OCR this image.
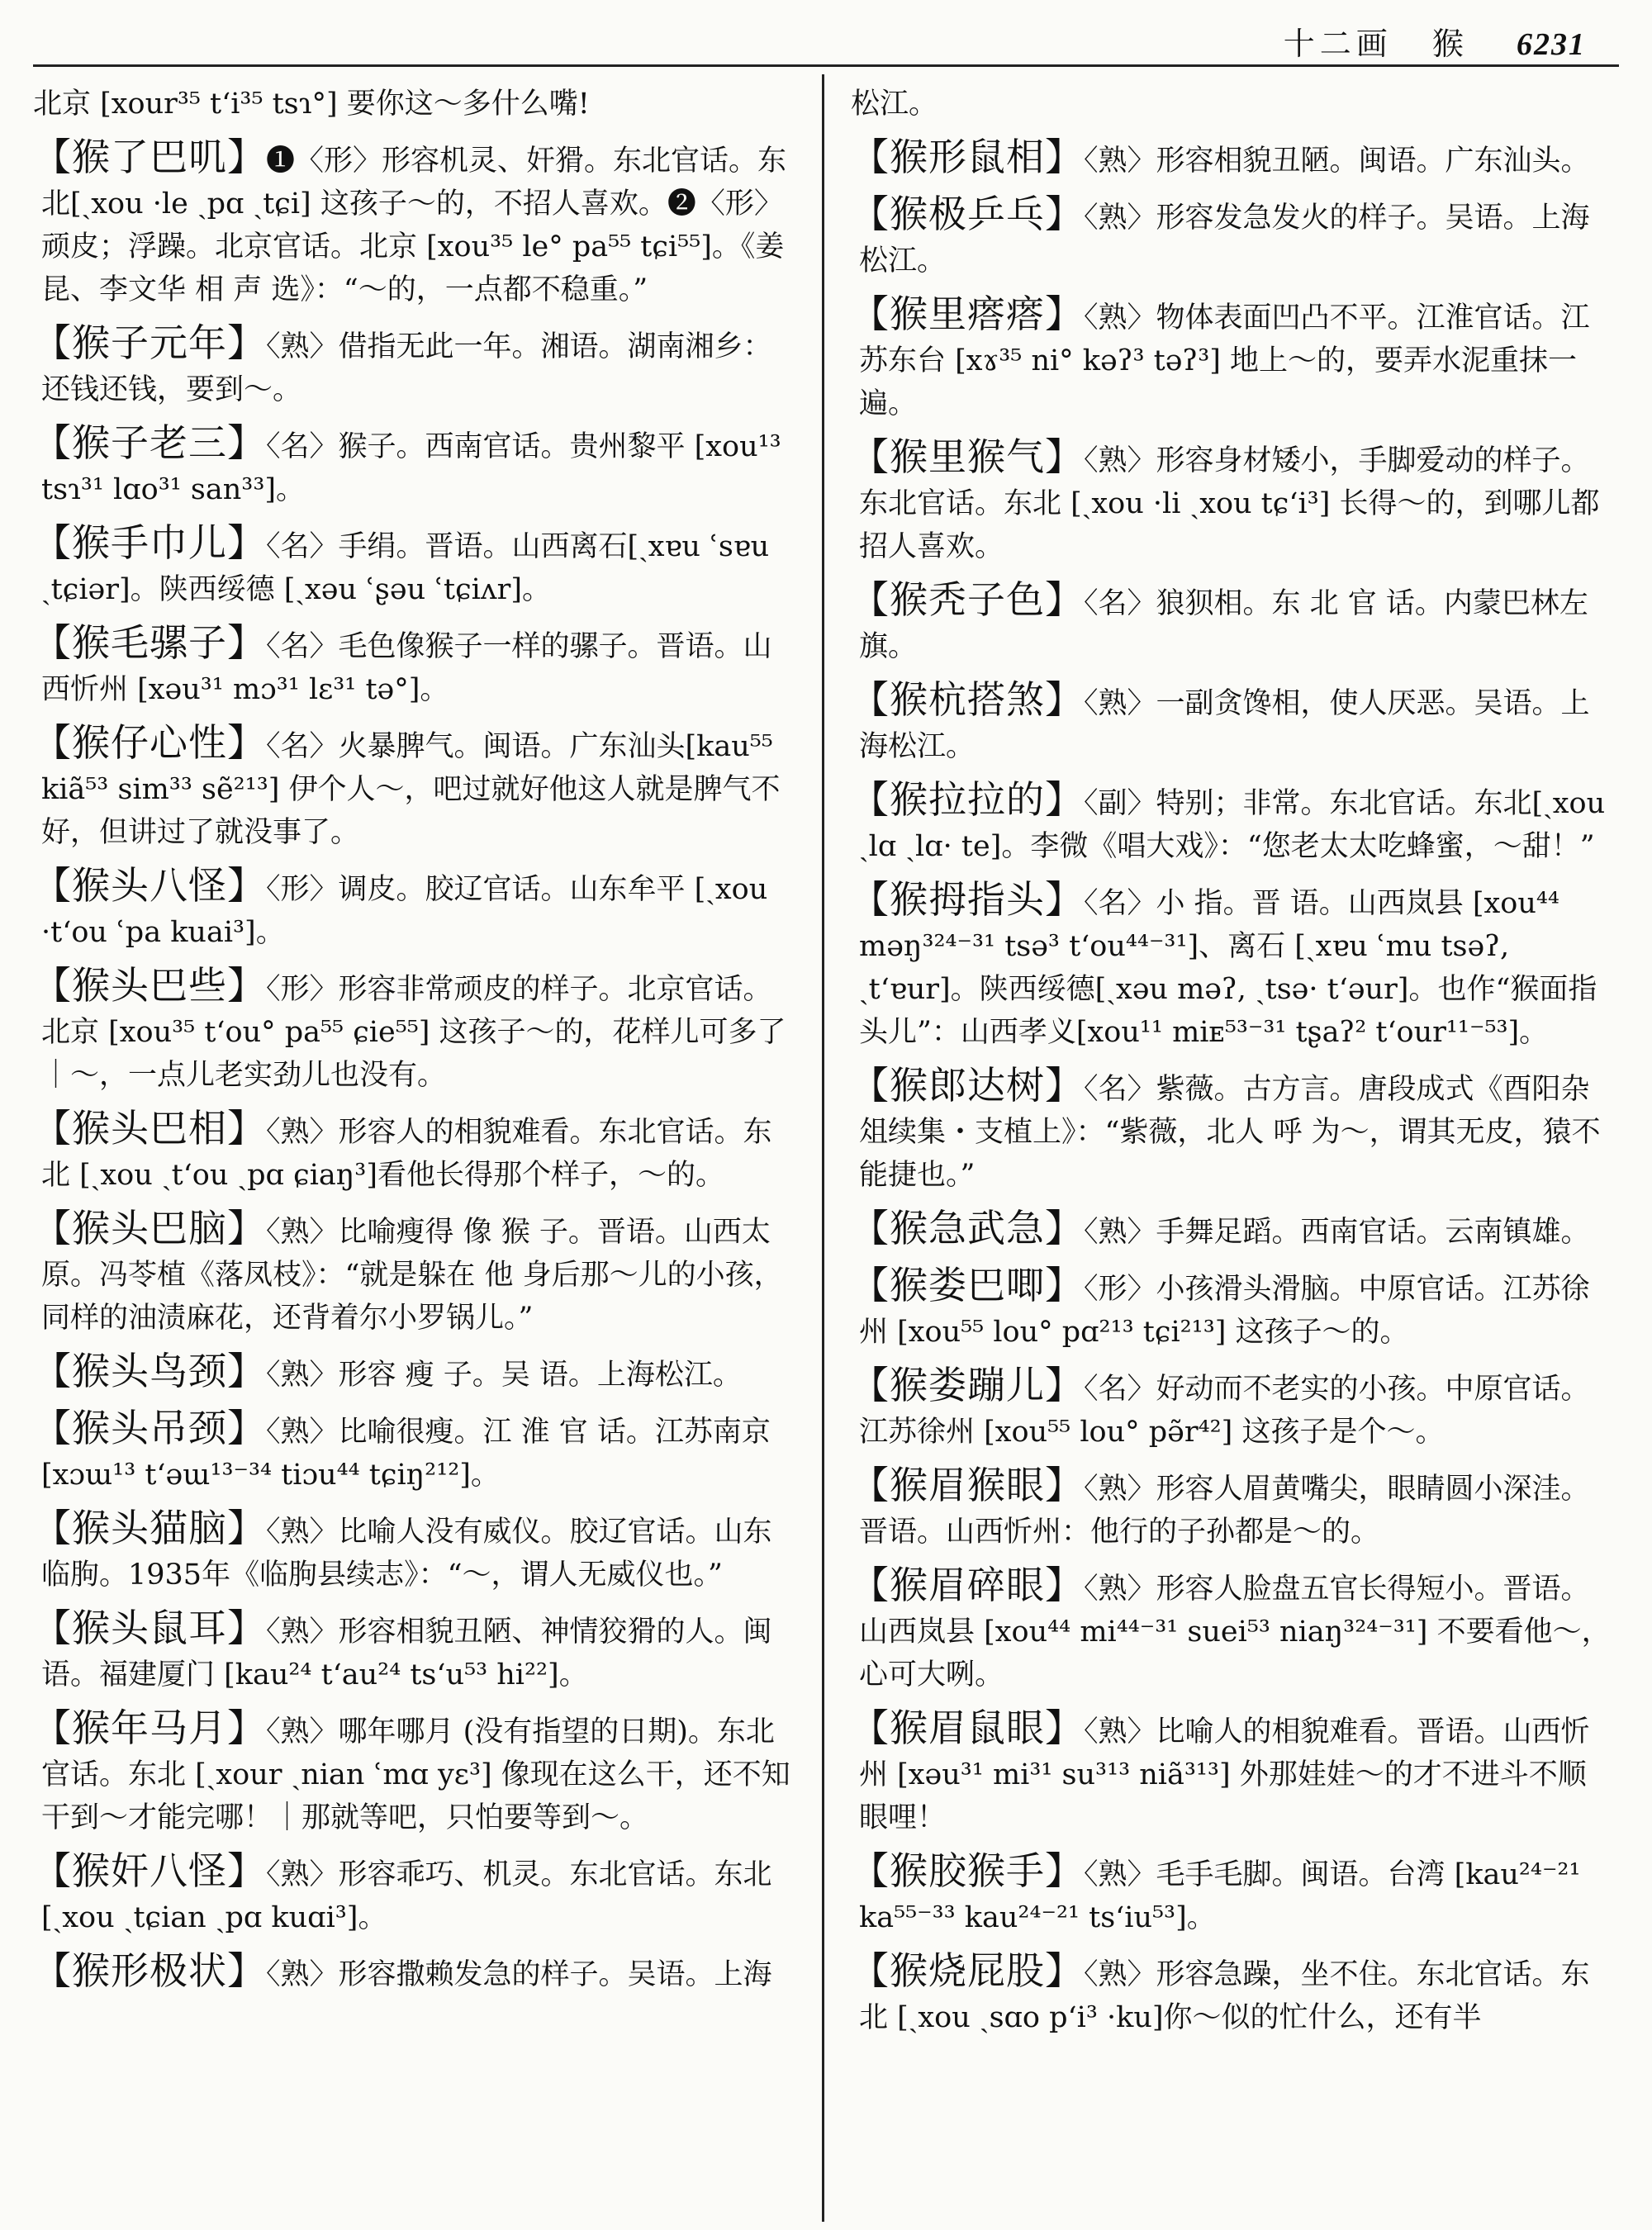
十二画 猴 6231

北京 [xour³⁵ tʻi³⁵ tsɿ°] 要你这～多什么嘴!

【猴了巴叽】❶〈形〉形容机灵、奸猾。东北官话。东北[ˏxou ·le ˏpɑ ˏtɕi] 这孩子～的，不招人喜欢。❷〈形〉顽皮；浮躁。北京官话。北京 [xou³⁵ le° pa⁵⁵ tɕi⁵⁵]。《姜昆、李文华 相 声 选》：“～的，一点都不稳重。”

【猴子元年】〈熟〉借指无此一年。湘语。湖南湘乡：还钱还钱，要到～。

【猴子老三】〈名〉猴子。西南官话。贵州黎平 [xou¹³ tsɿ³¹ lɑo³¹ san³³]。

【猴手巾儿】〈名〉手绢。晋语。山西离石[ˏxɐu ʿsɐu ˏtɕiər]。陕西绥德 [ˏxəu ʿʂəu ʿtɕiʌr]。

【猴毛骡子】〈名〉毛色像猴子一样的骡子。晋语。山西忻州 [xəu³¹ mɔ³¹ lɛ³¹ tə°]。

【猴仔心性】〈名〉火暴脾气。闽语。广东汕头[kau⁵⁵ kiã⁵³ sim³³ sẽ²¹³] 伊个人～，吧过就好他这人就是脾气不好，但讲过了就没事了。

【猴头八怪】〈形〉调皮。胶辽官话。山东牟平 [ˏxou ·tʻou ʿpa kuai³]。

【猴头巴些】〈形〉形容非常顽皮的样子。北京官话。北京 [xou³⁵ tʻou° pa⁵⁵ ɕie⁵⁵] 这孩子～的，花样儿可多了｜～，一点儿老实劲儿也没有。

【猴头巴相】〈熟〉形容人的相貌难看。东北官话。东北 [ˏxou ˏtʻou ˏpɑ ɕiaŋ³]看他长得那个样子，～的。

【猴头巴脑】〈熟〉比喻瘦得 像 猴 子。晋语。山西太原。冯苓植《落凤枝》：“就是躲在 他 身后那～儿的小孩，同样的油渍麻花，还背着尔小罗锅儿。”

【猴头鸟颈】〈熟〉形容 瘦 子。吴 语。上海松江。

【猴头吊颈】〈熟〉比喻很瘦。江 淮 官 话。江苏南京 [xɔɯ¹³ tʻəɯ¹³⁻³⁴ tiɔu⁴⁴ tɕiŋ²¹²]。

【猴头猫脑】〈熟〉比喻人没有威仪。胶辽官话。山东临朐。1935年《临朐县续志》：“～，谓人无威仪也。”

【猴头鼠耳】〈熟〉形容相貌丑陋、神情狡猾的人。闽语。福建厦门 [kau²⁴ tʻau²⁴ tsʻu⁵³ hi²²]。

【猴年马月】〈熟〉哪年哪月 (没有指望的日期)。东北官话。东北 [ˏxour ˏnian ʿmɑ yɛ³] 像现在这么干，还不知干到～才能完哪！｜那就等吧，只怕要等到～。

【猴奸八怪】〈熟〉形容乖巧、机灵。东北官话。东北 [ˏxou ˏtɕian ˏpɑ kuɑi³]。

【猴形极状】〈熟〉形容撒赖发急的样子。吴语。上海

松江。

【猴形鼠相】〈熟〉形容相貌丑陋。闽语。广东汕头。

【猴极乒乓】〈熟〉形容发急发火的样子。吴语。上海松江。

【猴里瘩瘩】〈熟〉物体表面凹凸不平。江淮官话。江苏东台 [xɤ³⁵ ni° kəʔ³ təʔ³] 地上～的，要弄水泥重抹一遍。

【猴里猴气】〈熟〉形容身材矮小，手脚爱动的样子。东北官话。东北 [ˏxou ·li ˏxou tɕʻi³] 长得～的，到哪儿都招人喜欢。

【猴秃子色】〈名〉狼狈相。东 北 官 话。内蒙巴林左旗。

【猴杭搭煞】〈熟〉一副贪馋相，使人厌恶。吴语。上海松江。

【猴拉拉的】〈副〉特别；非常。东北官话。东北[ˏxou ˏlɑ ˏlɑ· te]。李微《唱大戏》：“您老太太吃蜂蜜，～甜！”

【猴拇指头】〈名〉小 指。晋 语。山西岚县 [xou⁴⁴ məŋ³²⁴⁻³¹ tsə³ tʻou⁴⁴⁻³¹]、离石 [ˏxɐu ʿmu tsəʔ, ˏtʻɐur]。陕西绥德[ˏxəu məʔ, ˏtsə· tʻəur]。也作“猴面指头儿”：山西孝义[xou¹¹ miᴇ⁵³⁻³¹ tʂaʔ² tʻour¹¹⁻⁵³]。

【猴郎达树】〈名〉紫薇。古方言。唐段成式《酉阳杂俎续集・支植上》：“紫薇，北人 呼 为～，谓其无皮，猿不能捷也。”

【猴急武急】〈熟〉手舞足蹈。西南官话。云南镇雄。

【猴娄巴唧】〈形〉小孩滑头滑脑。中原官话。江苏徐州 [xou⁵⁵ lou° pɑ²¹³ tɕi²¹³] 这孩子～的。

【猴娄蹦儿】〈名〉好动而不老实的小孩。中原官话。江苏徐州 [xou⁵⁵ lou° pə̃r⁴²] 这孩子是个～。

【猴眉猴眼】〈熟〉形容人眉黄嘴尖，眼睛圆小深洼。晋语。山西忻州：他行的子孙都是～的。

【猴眉碎眼】〈熟〉形容人脸盘五官长得短小。晋语。山西岚县 [xou⁴⁴ mi⁴⁴⁻³¹ suei⁵³ niaŋ³²⁴⁻³¹] 不要看他～，心可大咧。

【猴眉鼠眼】〈熟〉比喻人的相貌难看。晋语。山西忻州 [xəu³¹ mi³¹ su³¹³ niã³¹³] 外那娃娃～的才不进斗不顺眼哩！

【猴胶猴手】〈熟〉毛手毛脚。闽语。台湾 [kau²⁴⁻²¹ ka⁵⁵⁻³³ kau²⁴⁻²¹ tsʻiu⁵³]。

【猴烧屁股】〈熟〉形容急躁，坐不住。东北官话。东北 [ˏxou ˏsɑo pʻi³ ·ku]你～似的忙什么，还有半
